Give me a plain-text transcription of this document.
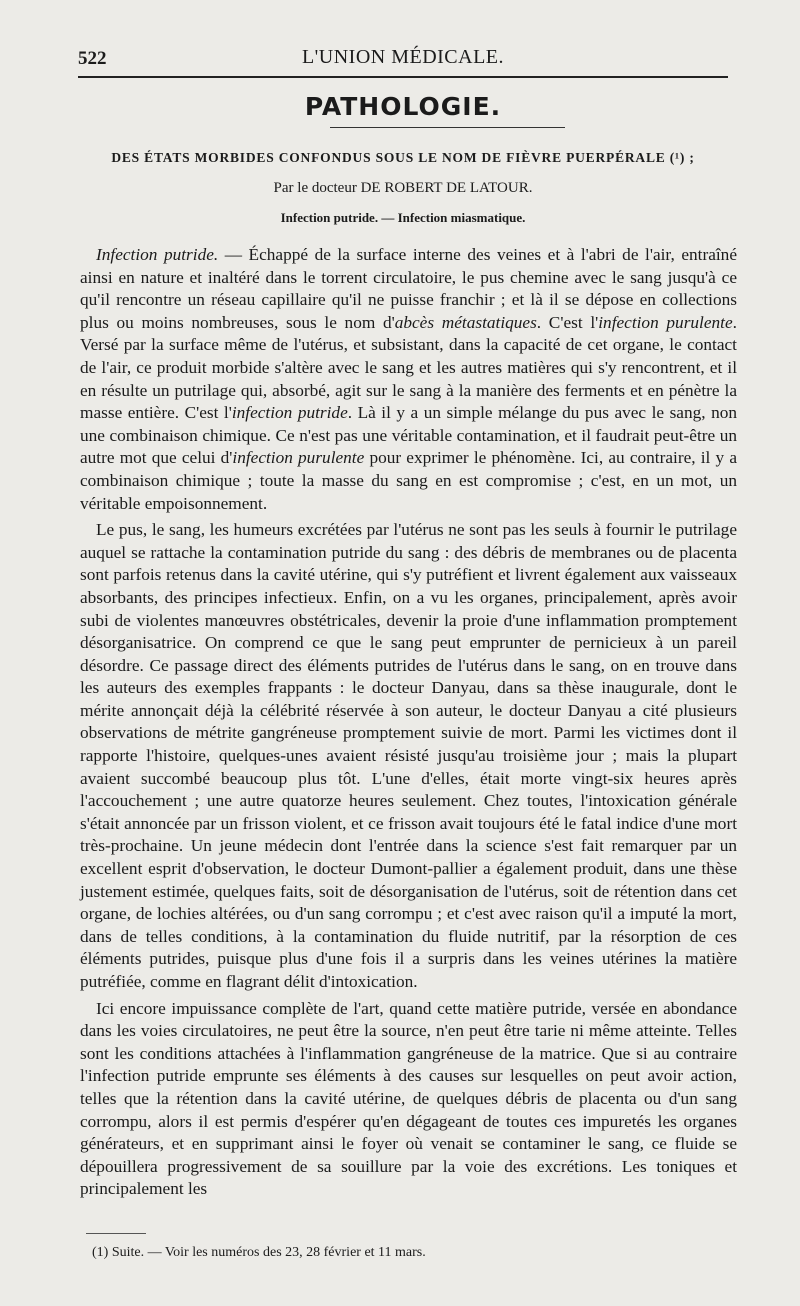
522	L'UNION MÉDICALE.
PATHOLOGIE.
DES ÉTATS MORBIDES CONFONDUS SOUS LE NOM DE FIÈVRE PUERPÉRALE (¹) ;
Par le docteur DE ROBERT DE LATOUR.
Infection putride. — Infection miasmatique.

Infection putride. — Échappé de la surface interne des veines et à l'abri de l'air, entraîné ainsi en nature et inaltéré dans le torrent circulatoire, le pus chemine avec le sang jusqu'à ce qu'il rencontre un réseau capillaire qu'il ne puisse franchir ; et là il se dépose en collections plus ou moins nombreuses, sous le nom d'abcès métastatiques. C'est l'infection purulente. Versé par la surface même de l'utérus, et subsistant, dans la capacité de cet organe, le contact de l'air, ce produit morbide s'altère avec le sang et les autres matières qui s'y rencontrent, et il en résulte un putrilage qui, absorbé, agit sur le sang à la manière des ferments et en pénètre la masse entière. C'est l'infection putride. Là il y a un simple mélange du pus avec le sang, non une combinaison chimique. Ce n'est pas une véritable contamination, et il faudrait peut-être un autre mot que celui d'infection purulente pour exprimer le phénomène. Ici, au contraire, il y a combinaison chimique ; toute la masse du sang en est compromise ; c'est, en un mot, un véritable empoisonnement.

Le pus, le sang, les humeurs excrétées par l'utérus ne sont pas les seuls à fournir le putrilage auquel se rattache la contamination putride du sang : des débris de membranes ou de placenta sont parfois retenus dans la cavité utérine, qui s'y putréfient et livrent également aux vaisseaux absorbants, des principes infectieux. Enfin, on a vu les organes, principalement, après avoir subi de violentes manœuvres obstétricales, devenir la proie d'une inflammation promptement désorganisatrice. On comprend ce que le sang peut emprunter de pernicieux à un pareil désordre. Ce passage direct des éléments putrides de l'utérus dans le sang, on en trouve dans les auteurs des exemples frappants : le docteur Danyau, dans sa thèse inaugurale, dont le mérite annonçait déjà la célébrité réservée à son auteur, le docteur Danyau a cité plusieurs observations de métrite gangréneuse promptement suivie de mort. Parmi les victimes dont il rapporte l'histoire, quelques-unes avaient résisté jusqu'au troisième jour ; mais la plupart avaient succombé beaucoup plus tôt. L'une d'elles, était morte vingt-six heures après l'accouchement ; une autre quatorze heures seulement. Chez toutes, l'intoxication générale s'était annoncée par un frisson violent, et ce frisson avait toujours été le fatal indice d'une mort très-prochaine. Un jeune médecin dont l'entrée dans la science s'est fait remarquer par un excellent esprit d'observation, le docteur Dumont-pallier a également produit, dans une thèse justement estimée, quelques faits, soit de désorganisation de l'utérus, soit de rétention dans cet organe, de lochies altérées, ou d'un sang corrompu ; et c'est avec raison qu'il a imputé la mort, dans de telles conditions, à la contamination du fluide nutritif, par la résorption de ces éléments putrides, puisque plus d'une fois il a surpris dans les veines utérines la matière putréfiée, comme en flagrant délit d'intoxication.

Ici encore impuissance complète de l'art, quand cette matière putride, versée en abondance dans les voies circulatoires, ne peut être la source, n'en peut être tarie ni même atteinte. Telles sont les conditions attachées à l'inflammation gangréneuse de la matrice. Que si au contraire l'infection putride emprunte ses éléments à des causes sur lesquelles on peut avoir action, telles que la rétention dans la cavité utérine, de quelques débris de placenta ou d'un sang corrompu, alors il est permis d'espérer qu'en dégageant de toutes ces impuretés les organes générateurs, et en supprimant ainsi le foyer où venait se contaminer le sang, ce fluide se dépouillera progressivement de sa souillure par la voie des excrétions. Les toniques et principalement les

(1) Suite. — Voir les numéros des 23, 28 février et 11 mars.
